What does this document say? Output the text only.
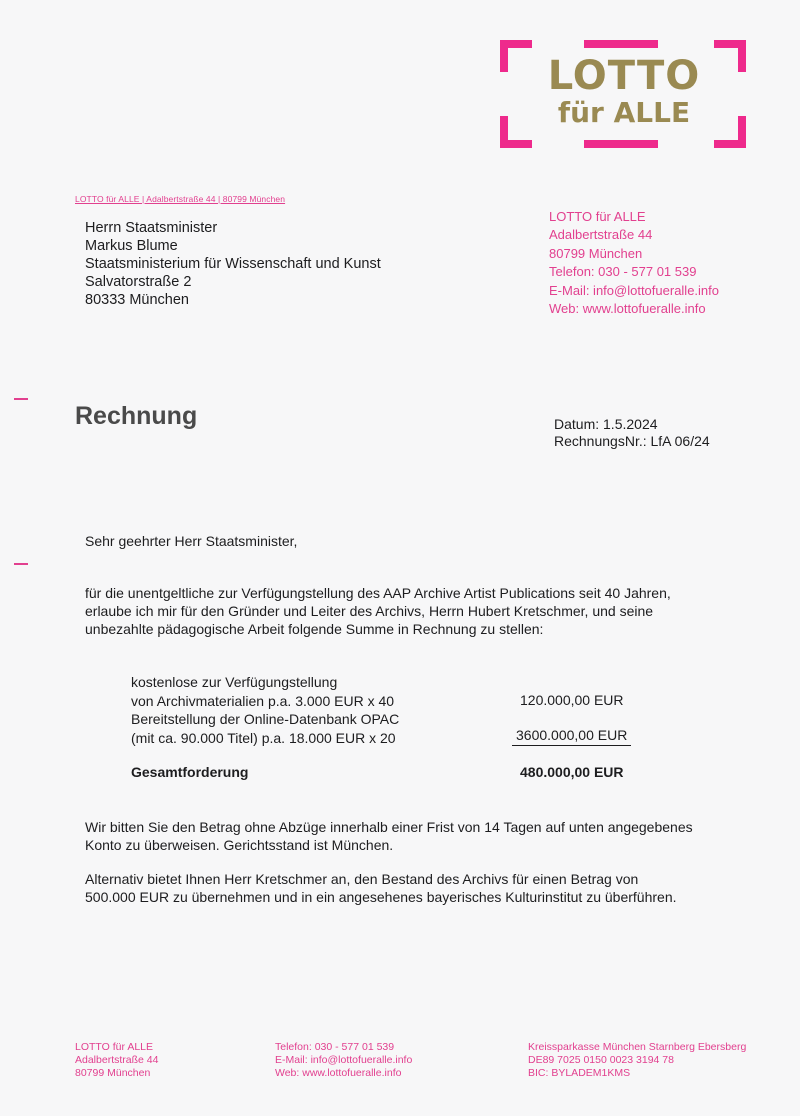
LOTTO
für ALLE
LOTTO für ALLE | Adalbertstraße 44 | 80799 München
Herrn Staatsminister
Markus Blume
Staatsministerium für Wissenschaft und Kunst
Salvatorstraße 2
80333 München
LOTTO für ALLE
Adalbertstraße 44
80799 München
Telefon: 030 - 577 01 539
E-Mail: info@lottofueralle.info
Web: www.lottofueralle.info
Rechnung	Datum: 1.5.2024
RechnungsNr.: LfA 06/24
Sehr geehrter Herr Staatsminister,
für die unentgeltliche zur Verfügungstellung des AAP Archive Artist Publications seit 40 Jahren,
erlaube ich mir für den Gründer und Leiter des Archivs, Herrn Hubert Kretschmer, und seine
unbezahlte pädagogische Arbeit folgende Summe in Rechnung zu stellen:
kostenlose zur Verfügungstellung
von Archivmaterialien p.a. 3.000 EUR x 40
Bereitstellung der Online-Datenbank OPAC
(mit ca. 90.000 Titel) p.a. 18.000 EUR x 20
120.000,00 EUR
3600.000,00 EUR
Gesamtforderung	480.000,00 EUR
Wir bitten Sie den Betrag ohne Abzüge innerhalb einer Frist von 14 Tagen auf unten angegebenes
Konto zu überweisen. Gerichtsstand ist München.
Alternativ bietet Ihnen Herr Kretschmer an, den Bestand des Archivs für einen Betrag von
500.000 EUR zu übernehmen und in ein angesehenes bayerisches Kulturinstitut zu überführen.
LOTTO für ALLE
Adalbertstraße 44
80799 München
Telefon: 030 - 577 01 539
E-Mail: info@lottofueralle.info
Web: www.lottofueralle.info
Kreissparkasse München Starnberg Ebersberg
DE89 7025 0150 0023 3194 78
BIC: BYLADEM1KMS
